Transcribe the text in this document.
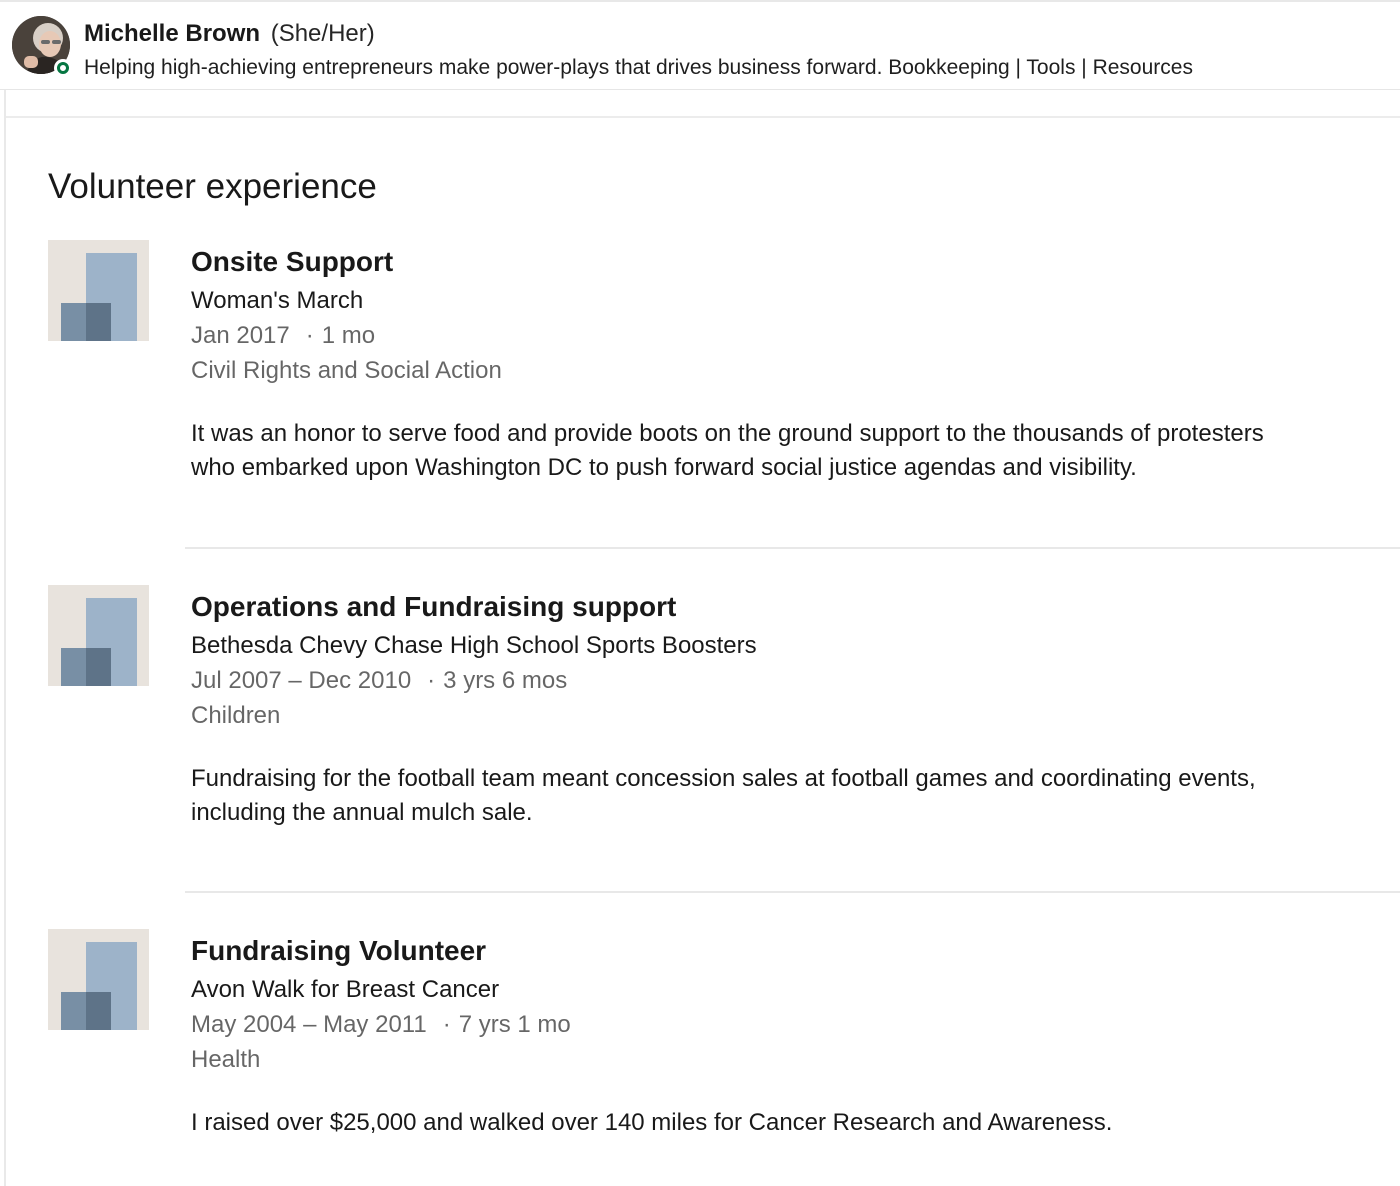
Michelle Brown (She/Her)
Helping high-achieving entrepreneurs make power-plays that drives business forward. Bookkeeping | Tools | Resources
Volunteer experience
Onsite Support
Woman's March
Jan 2017 · 1 mo
Civil Rights and Social Action
It was an honor to serve food and provide boots on the ground support to the thousands of protesters who embarked upon Washington DC to push forward social justice agendas and visibility.
Operations and Fundraising support
Bethesda Chevy Chase High School Sports Boosters
Jul 2007 – Dec 2010 · 3 yrs 6 mos
Children
Fundraising for the football team meant concession sales at football games and coordinating events, including the annual mulch sale.
Fundraising Volunteer
Avon Walk for Breast Cancer
May 2004 – May 2011 · 7 yrs 1 mo
Health
I raised over $25,000 and walked over 140 miles for Cancer Research and Awareness.
